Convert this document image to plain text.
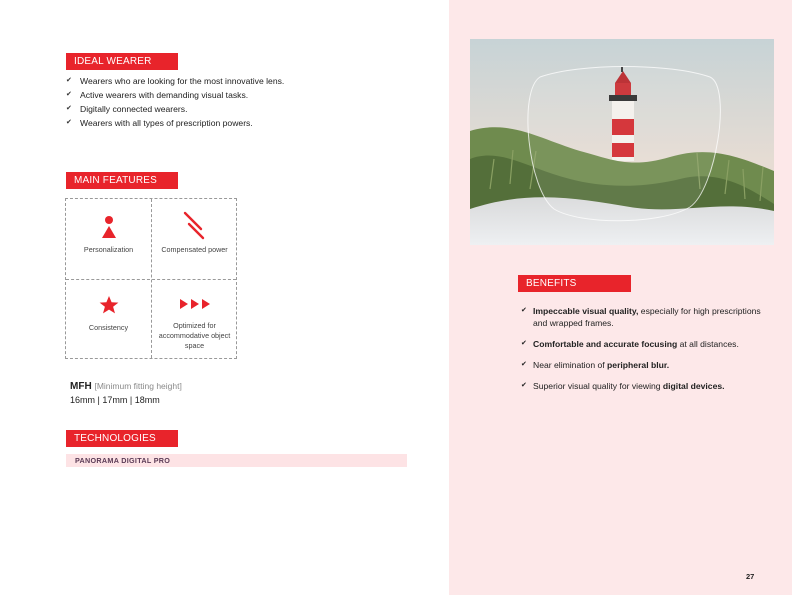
IDEAL WEARER
✔ Wearers who are looking for the most innovative lens.
✔ Active wearers with demanding visual tasks.
✔ Digitally connected wearers.
✔ Wearers with all types of prescription powers.
MAIN FEATURES
Personalization	Compensated power
Consistency	Optimized for accommodative object space
MFH [Minimum fitting height]
16mm | 17mm | 18mm
TECHNOLOGIES
PANORAMA DIGITAL PRO
BENEFITS
✔ Impeccable visual quality, especially for high prescriptions and wrapped frames.
✔ Comfortable and accurate focusing at all distances.
✔ Near elimination of peripheral blur.
✔ Superior visual quality for viewing digital devices.
27
